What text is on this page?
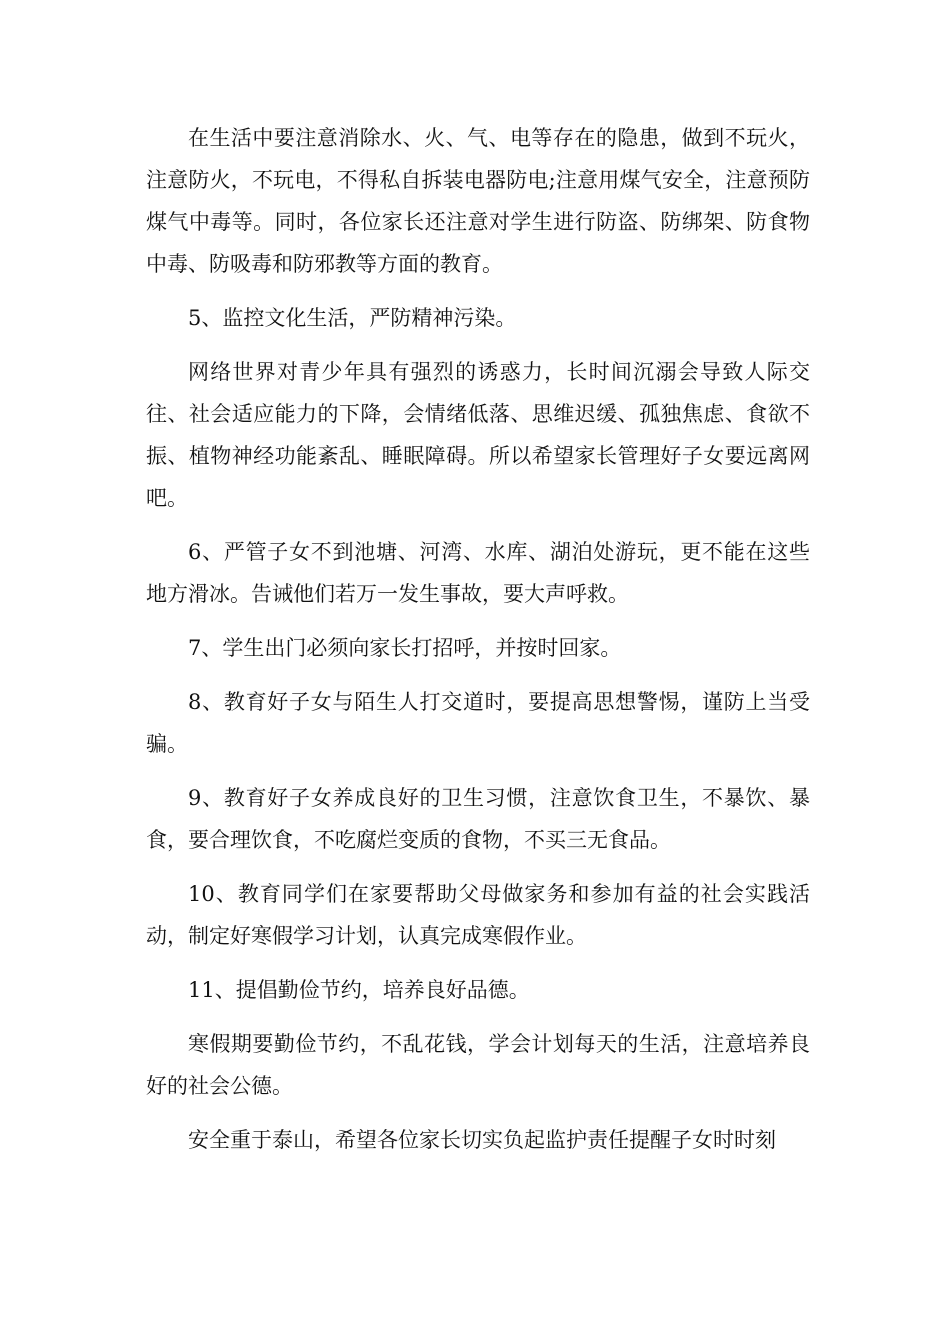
在生活中要注意消除水、火、气、电等存在的隐患，做到不玩火，注意防火，不玩电，不得私自拆装电器防电;注意用煤气安全，注意预防煤气中毒等。同时，各位家长还注意对学生进行防盗、防绑架、防食物中毒、防吸毒和防邪教等方面的教育。

5、监控文化生活，严防精神污染。

网络世界对青少年具有强烈的诱惑力，长时间沉溺会导致人际交往、社会适应能力的下降，会情绪低落、思维迟缓、孤独焦虑、食欲不振、植物神经功能紊乱、睡眠障碍。所以希望家长管理好子女要远离网吧。

6、严管子女不到池塘、河湾、水库、湖泊处游玩，更不能在这些地方滑冰。告诫他们若万一发生事故，要大声呼救。

7、学生出门必须向家长打招呼，并按时回家。

8、教育好子女与陌生人打交道时，要提高思想警惕，谨防上当受骗。

9、教育好子女养成良好的卫生习惯，注意饮食卫生，不暴饮、暴食，要合理饮食，不吃腐烂变质的食物，不买三无食品。

10、教育同学们在家要帮助父母做家务和参加有益的社会实践活动，制定好寒假学习计划，认真完成寒假作业。

11、提倡勤俭节约，培养良好品德。

寒假期要勤俭节约，不乱花钱，学会计划每天的生活，注意培养良好的社会公德。

安全重于泰山，希望各位家长切实负起监护责任提醒子女时时刻
